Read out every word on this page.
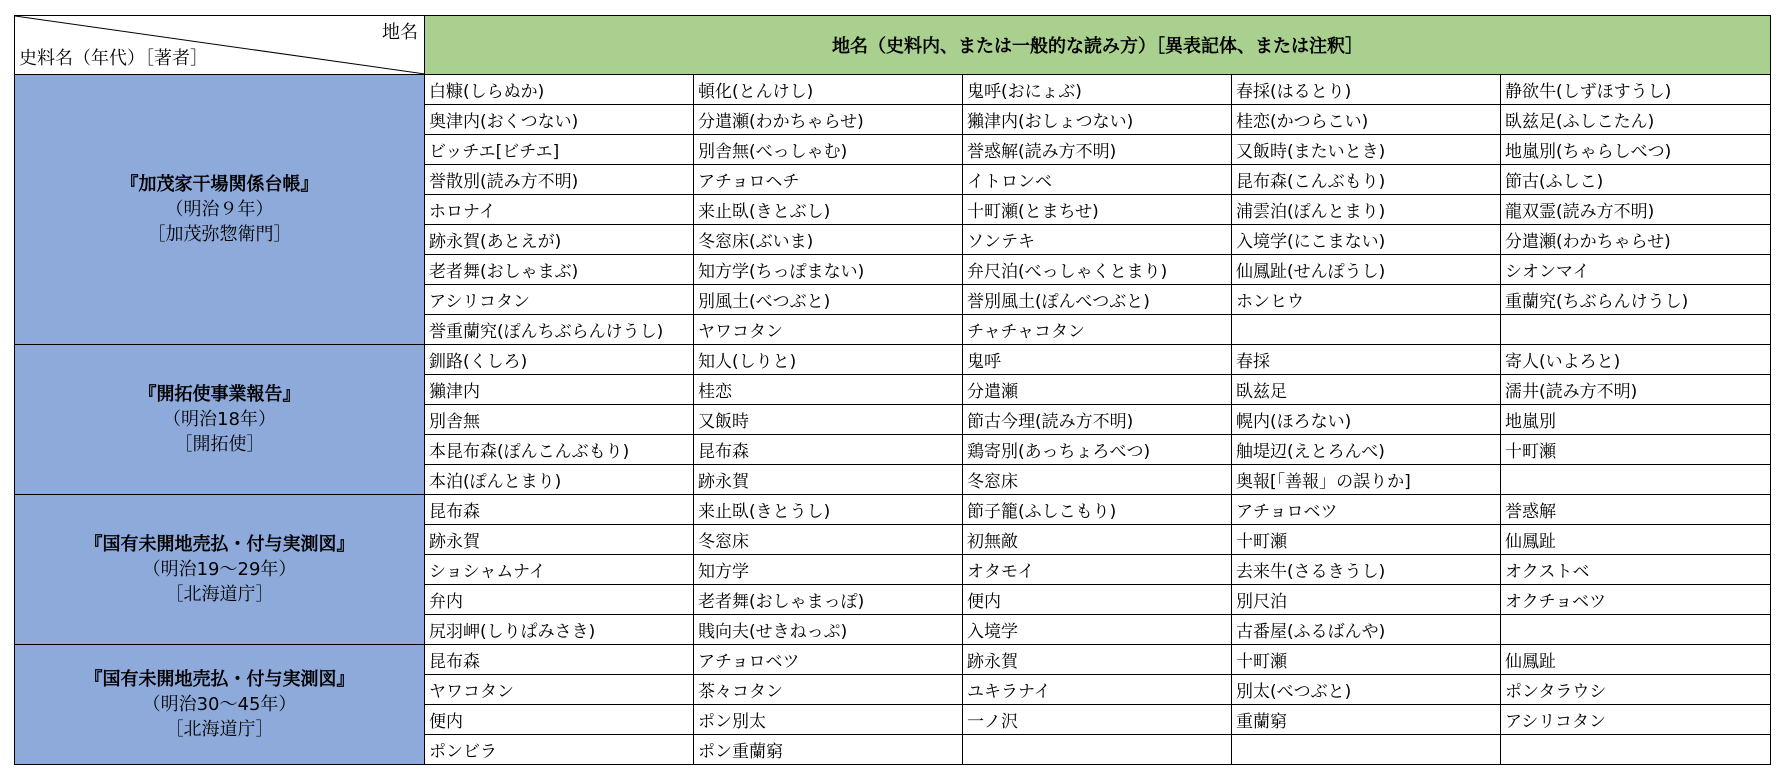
地名
史料名（年代）［著者］	地名（史料内、または一般的な読み方）［異表記体、または注釈］				

『加茂家干場関係台帳』
（明治９年）
［加茂弥惣衛門］	白糠(しらぬか)	頓化(とんけし)	鬼呼(おにょぶ)	春採(はるとり)	静欲牛(しずほすうし)
	奥津内(おくつない)	分遣瀬(わかちゃらせ)	獺津内(おしょつない)	桂恋(かつらこい)	臥兹足(ふしこたん)
	ビッチエ[ビチエ]	別舎無(べっしゃむ)	誉惑解(読み方不明)	又飯時(またいとき)	地嵐別(ちゃらしべつ)
	誉散別(読み方不明)	アチョロヘチ	イトロンベ	昆布森(こんぶもり)	節古(ふしこ)
	ホロナイ	来止臥(きとぶし)	十町瀬(とまちせ)	浦雲泊(ぽんとまり)	龍双霊(読み方不明)
	跡永賀(あとえが)	冬窓床(ぶいま)	ソンテキ	入境学(にこまない)	分遣瀬(わかちゃらせ)
	老者舞(おしゃまぶ)	知方学(ちっぽまない)	弁尺泊(べっしゃくとまり)	仙鳳趾(せんぽうし)	シオンマイ
	アシリコタン	別風土(べつぶと)	誉別風土(ぽんべつぶと)	ホンヒウ	重蘭究(ちぶらんけうし)
	誉重蘭究(ぽんちぶらんけうし)	ヤワコタン	チャチャコタン		

『開拓使事業報告』
（明治18年）
［開拓使］	釧路(くしろ)	知人(しりと)	鬼呼	春採	寄人(いよろと)
	獺津内	桂恋	分遣瀬	臥兹足	濡井(読み方不明)
	別舎無	又飯時	節古今理(読み方不明)	幌内(ほろない)	地嵐別
	本昆布森(ぽんこんぶもり)	昆布森	鶏寄別(あっちょろべつ)	舳堤辺(えとろんべ)	十町瀬
	本泊(ぽんとまり)	跡永賀	冬窓床	奥報[「善報」の誤りか]	

『国有未開地売払・付与実測図』
（明治19～29年）
［北海道庁］	昆布森	来止臥(きとうし)	節子籠(ふしこもり)	アチョロベツ	誉惑解
	跡永賀	冬窓床	初無敵	十町瀬	仙鳳趾
	ショシャムナイ	知方学	オタモイ	去来牛(さるきうし)	オクストベ
	弁内	老者舞(おしゃまっぽ)	便内	別尺泊	オクチョベツ
	尻羽岬(しりぱみさき)	賎向夫(せきねっぷ)	入境学	古番屋(ふるばんや)	

『国有未開地売払・付与実測図』
（明治30～45年）
［北海道庁］	昆布森	アチョロベツ	跡永賀	十町瀬	仙鳳趾
	ヤワコタン	茶々コタン	ユキラナイ	別太(べつぶと)	ポンタラウシ
	便内	ポン別太	一ノ沢	重蘭窮	アシリコタン
	ポンビラ	ポン重蘭窮			
